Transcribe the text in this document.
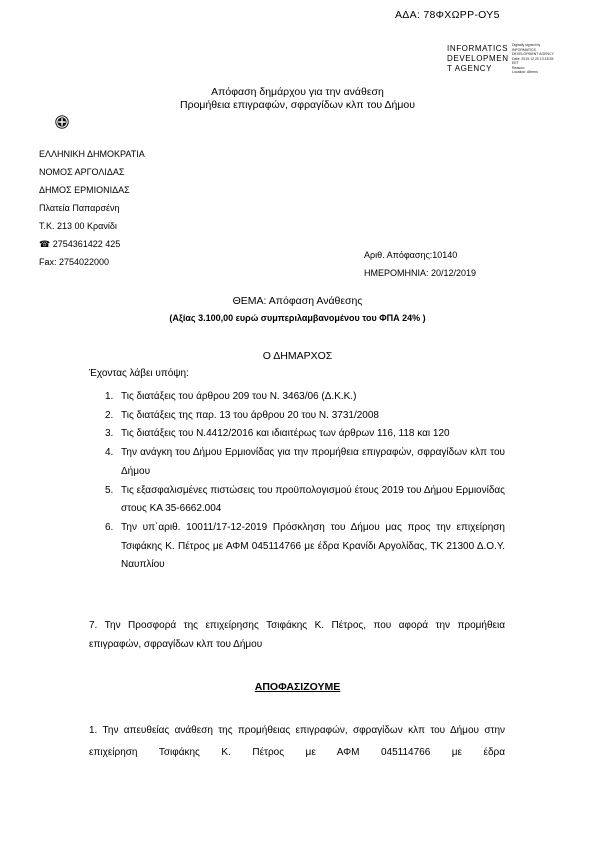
ΑΔΑ: 78ΦΧΩΡΡ-ΟΥ5
INFORMATICS
DEVELOPMEN
T AGENCY
Digitally signed by
INFORMATICS
DEVELOPMENT AGENCY
Date: 2019.12.20 13:18:35
EET
Reason:
Location: Athens
Απόφαση δημάρχου για την ανάθεση
Προμήθεια επιγραφών, σφραγίδων κλπ του Δήμου
ΕΛΛΗΝΙΚΗ ΔΗΜΟΚΡΑΤΙΑ
ΝΟΜΟΣ ΑΡΓΟΛΙΔΑΣ
ΔΗΜΟΣ ΕΡΜΙΟΝΙΔΑΣ
Πλατεία Παπαρσένη
Τ.Κ. 213 00 Κρανίδι
☎ 2754361422 425
Fax: 2754022000
Αριθ. Απόφασης:10140
ΗΜΕΡΟΜΗΝΙΑ: 20/12/2019
ΘΕΜΑ: Απόφαση Ανάθεσης
(Αξίας 3.100,00 ευρώ συμπεριλαμβανομένου του ΦΠΑ 24% )
Ο ΔΗΜΑΡΧΟΣ
Έχοντας λάβει υπόψη:
1. Τις διατάξεις του άρθρου 209 του Ν. 3463/06 (Δ.Κ.Κ.)
2. Τις διατάξεις της παρ. 13 του άρθρου 20 του Ν. 3731/2008
3. Τις διατάξεις του Ν.4412/2016 και ιδιαιτέρως των άρθρων 116, 118 και 120
4. Την ανάγκη του Δήμου Ερμιονίδας για την προμήθεια επιγραφών, σφραγίδων κλπ του Δήμου
5. Τις εξασφαλισμένες πιστώσεις του προϋπολογισμού έτους 2019 του Δήμου Ερμιονίδας στους ΚΑ 35-6662.004
6. Την υπ΄αριθ. 10011/17-12-2019 Πρόσκληση του Δήμου μας προς την επιχείρηση Τσιφάκης Κ. Πέτρος με ΑΦΜ 045114766 με έδρα Κρανίδι Αργολίδας, ΤΚ 21300 Δ.Ο.Υ. Ναυπλίου
7. Την Προσφορά της επιχείρησης Τσιφάκης Κ. Πέτρος, που αφορά την προμήθεια επιγραφών, σφραγίδων κλπ του Δήμου
ΑΠΟΦΑΣΙΖΟΥΜΕ
1. Την απευθείας ανάθεση της προμήθειας επιγραφών, σφραγίδων κλπ του Δήμου στην επιχείρηση Τσιφάκης Κ. Πέτρος με ΑΦΜ 045114766 με έδρα
